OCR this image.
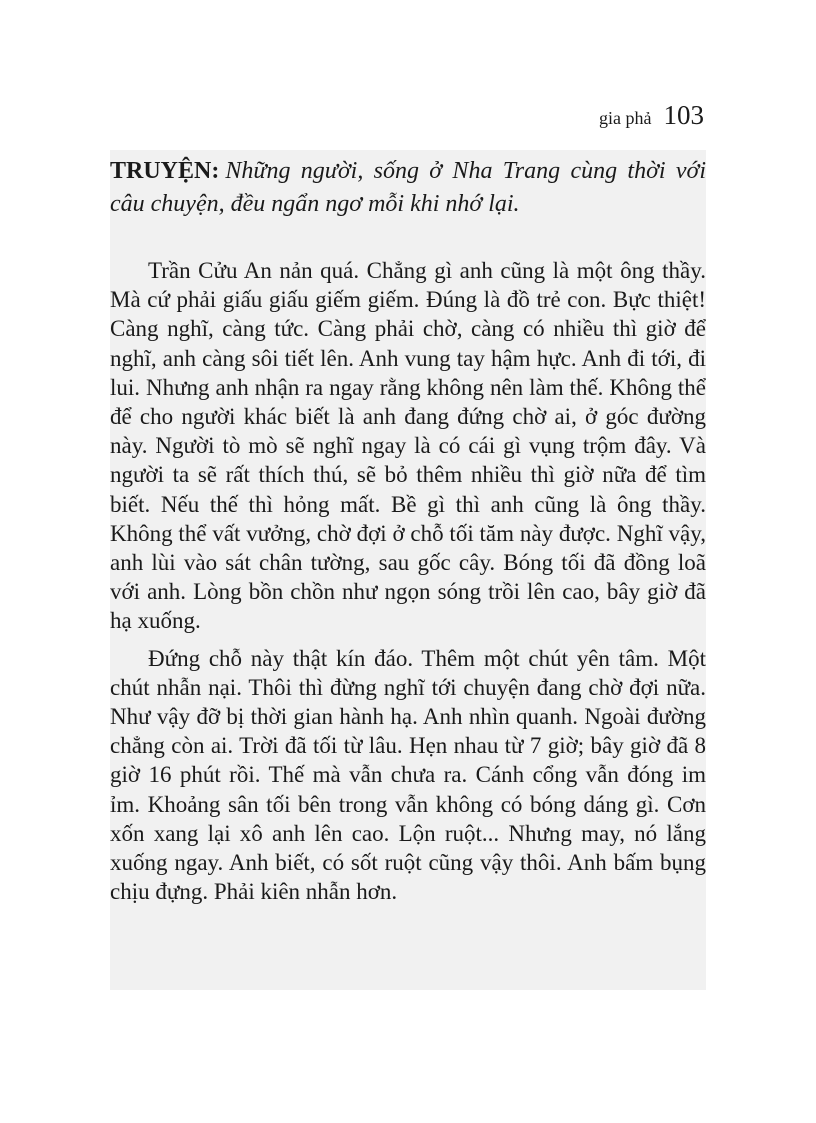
gia phả 103
TRUYỆN: Những người, sống ở Nha Trang cùng thời với câu chuyện, đều ngẩn ngơ mỗi khi nhớ lại.

Trần Cửu An nản quá. Chẳng gì anh cũng là một ông thầy. Mà cứ phải giấu giấu giếm giếm. Đúng là đồ trẻ con. Bực thiệt! Càng nghĩ, càng tức. Càng phải chờ, càng có nhiều thì giờ để nghĩ, anh càng sôi tiết lên. Anh vung tay hậm hực. Anh đi tới, đi lui. Nhưng anh nhận ra ngay rằng không nên làm thế. Không thể để cho người khác biết là anh đang đứng chờ ai, ở góc đường này. Người tò mò sẽ nghĩ ngay là có cái gì vụng trộm đây. Và người ta sẽ rất thích thú, sẽ bỏ thêm nhiều thì giờ nữa để tìm biết. Nếu thế thì hỏng mất. Bề gì thì anh cũng là ông thầy. Không thể vất vưởng, chờ đợi ở chỗ tối tăm này được. Nghĩ vậy, anh lùi vào sát chân tường, sau gốc cây. Bóng tối đã đồng loã với anh. Lòng bồn chồn như ngọn sóng trồi lên cao, bây giờ đã hạ xuống.

Đứng chỗ này thật kín đáo. Thêm một chút yên tâm. Một chút nhẫn nại. Thôi thì đừng nghĩ tới chuyện đang chờ đợi nữa. Như vậy đỡ bị thời gian hành hạ. Anh nhìn quanh. Ngoài đường chẳng còn ai. Trời đã tối từ lâu. Hẹn nhau từ 7 giờ; bây giờ đã 8 giờ 16 phút rồi. Thế mà vẫn chưa ra. Cánh cổng vẫn đóng im ỉm. Khoảng sân tối bên trong vẫn không có bóng dáng gì. Cơn xốn xang lại xô anh lên cao. Lộn ruột... Nhưng may, nó lắng xuống ngay. Anh biết, có sốt ruột cũng vậy thôi. Anh bấm bụng chịu đựng. Phải kiên nhẫn hơn.
